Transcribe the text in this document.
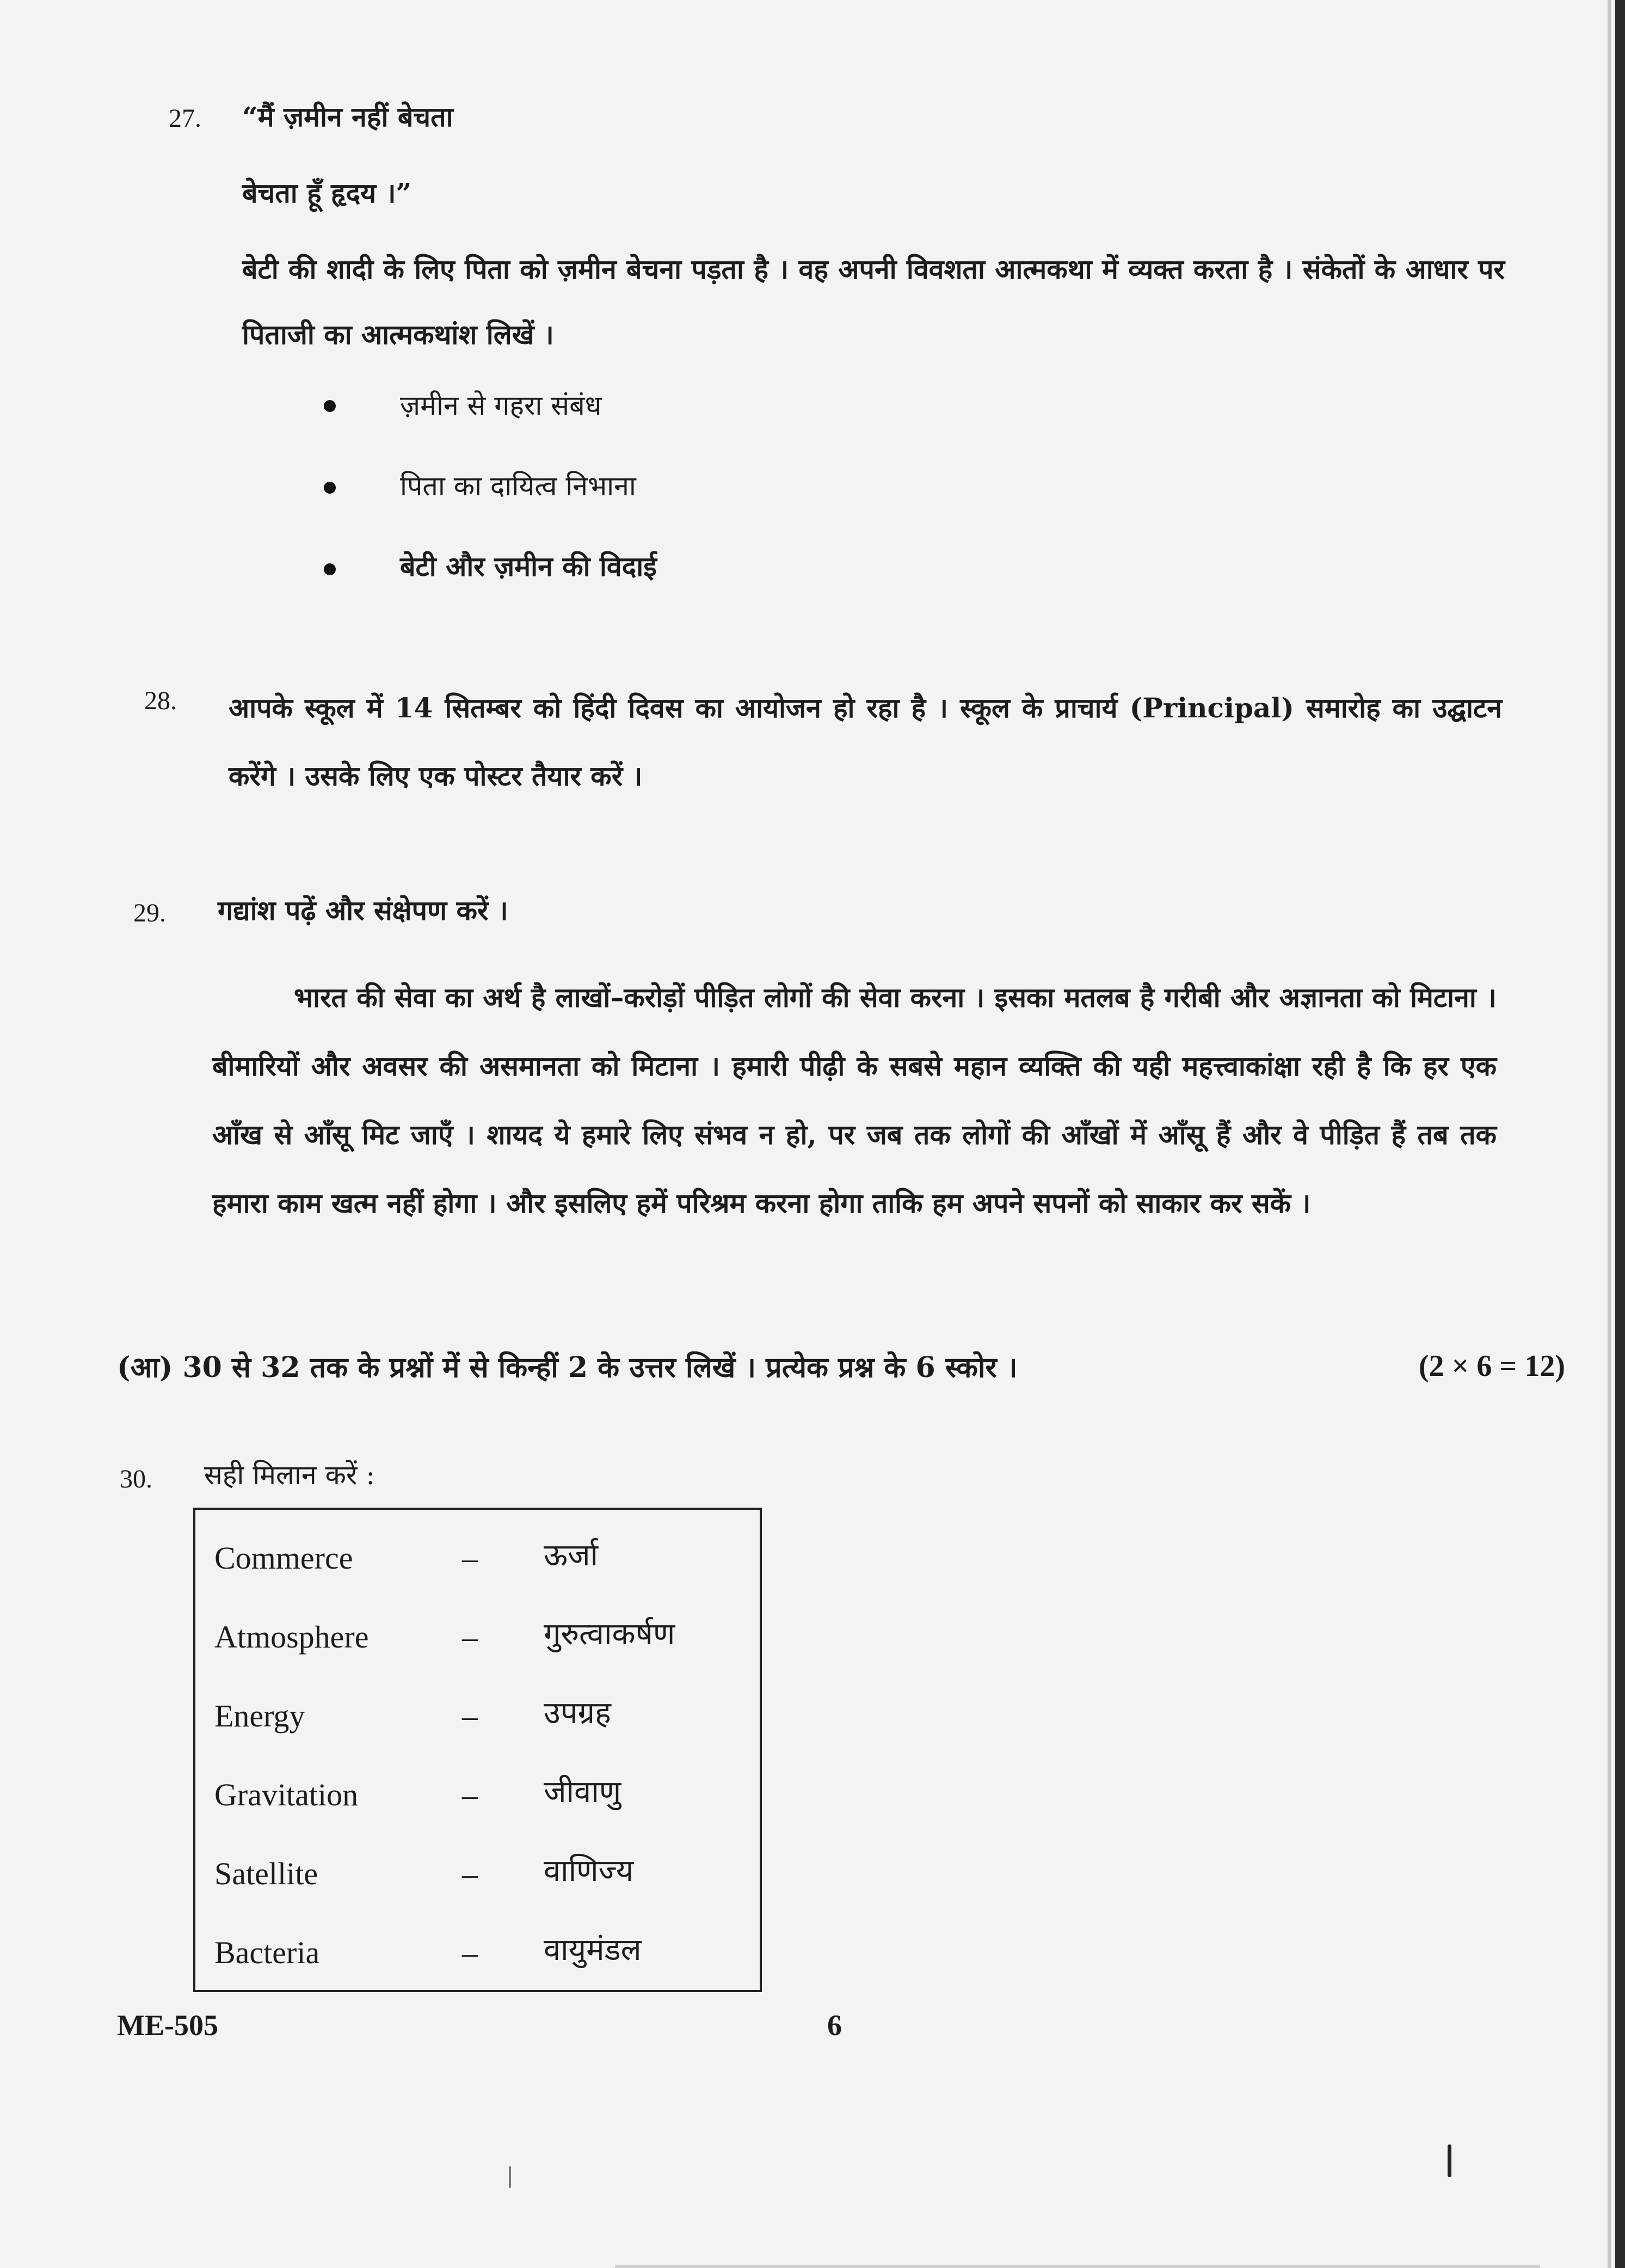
27. “मैं ज़मीन नहीं बेचता
बेचता हूँ हृदय ।”
बेटी की शादी के लिए पिता को ज़मीन बेचना पड़ता है । वह अपनी विवशता आत्मकथा में व्यक्त करता है । संकेतों के आधार पर पिताजी का आत्मकथांश लिखें ।
ज़मीन से गहरा संबंध
पिता का दायित्व निभाना
बेटी और ज़मीन की विदाई
28. आपके स्कूल में 14 सितम्बर को हिंदी दिवस का आयोजन हो रहा है । स्कूल के प्राचार्य (Principal) समारोह का उद्घाटन करेंगे । उसके लिए एक पोस्टर तैयार करें ।
29. गद्यांश पढ़ें और संक्षेपण करें ।
भारत की सेवा का अर्थ है लाखों–करोड़ों पीड़ित लोगों की सेवा करना । इसका मतलब है गरीबी और अज्ञानता को मिटाना । बीमारियों और अवसर की असमानता को मिटाना । हमारी पीढ़ी के सबसे महान व्यक्ति की यही महत्त्वाकांक्षा रही है कि हर एक आँख से आँसू मिट जाएँ । शायद ये हमारे लिए संभव न हो, पर जब तक लोगों की आँखों में आँसू हैं और वे पीड़ित हैं तब तक हमारा काम खत्म नहीं होगा । और इसलिए हमें परिश्रम करना होगा ताकि हम अपने सपनों को साकार कर सकें ।
(आ) 30 से 32 तक के प्रश्नों में से किन्हीं 2 के उत्तर लिखें । प्रत्येक प्रश्न के 6 स्कोर ।	(2 × 6 = 12)
30. सही मिलान करें :
Commerce	– ऊर्जा
Atmosphere	– गुरुत्वाकर्षण
Energy	– उपग्रह
Gravitation	– जीवाणु
Satellite	– वाणिज्य
Bacteria	– वायुमंडल
ME-505	6
